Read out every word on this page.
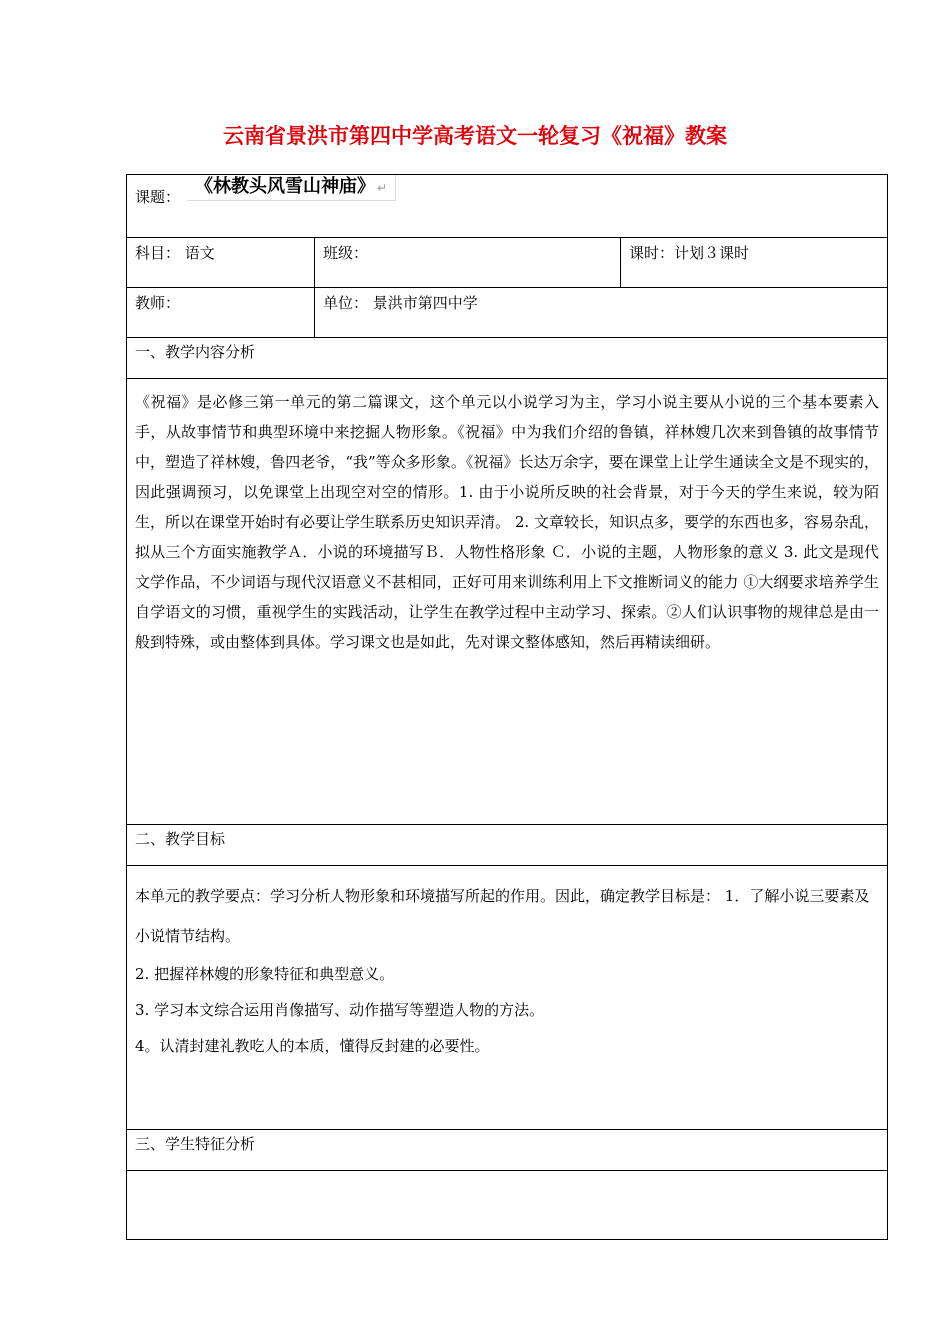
云南省景洪市第四中学高考语文一轮复习《祝福》教案
课题： 《林教头风雪山神庙》 ↵		

科目： 语文	班级：	课时：计划３课时
教师：	单位： 景洪市第四中学	
一、教学内容分析		

《祝福》是必修三第一单元的第二篇课文，这个单元以小说学习为主，学习小说主要从小说的三个基本要素入手，从故事情节和典型环境中来挖掘人物形象。《祝福》中为我们介绍的鲁镇，祥林嫂几次来到鲁镇的故事情节中，塑造了祥林嫂，鲁四老爷，“我”等众多形象。《祝福》长达万余字，要在课堂上让学生通读全文是不现实的，因此强调预习，以免课堂上出现空对空的情形。1. 由于小说所反映的社会背景，对于今天的学生来说，较为陌生，所以在课堂开始时有必要让学生联系历史知识弄清。 2. 文章较长，知识点多，要学的东西也多，容易杂乱，拟从三个方面实施教学Ａ．小说的环境描写Ｂ．人物性格形象 Ｃ．小说的主题，人物形象的意义 3. 此文是现代文学作品，不少词语与现代汉语意义不甚相同，正好可用来训练利用上下文推断词义的能力 ①大纲要求培养学生自学语文的习惯，重视学生的实践活动，让学生在教学过程中主动学习、探索。②人们认识事物的规律总是由一般到特殊，或由整体到具体。学习课文也是如此，先对课文整体感知，然后再精读细研。		

二、教学目标		

本单元的教学要点：学习分析人物形象和环境描写所起的作用。因此，确定教学目标是： 1．了解小说三要素及小说情节结构。

2. 把握祥林嫂的形象特征和典型意义。

3. 学习本文综合运用肖像描写、动作描写等塑造人物的方法。

4。认清封建礼教吃人的本质，懂得反封建的必要性。		

三、学生特征分析		
